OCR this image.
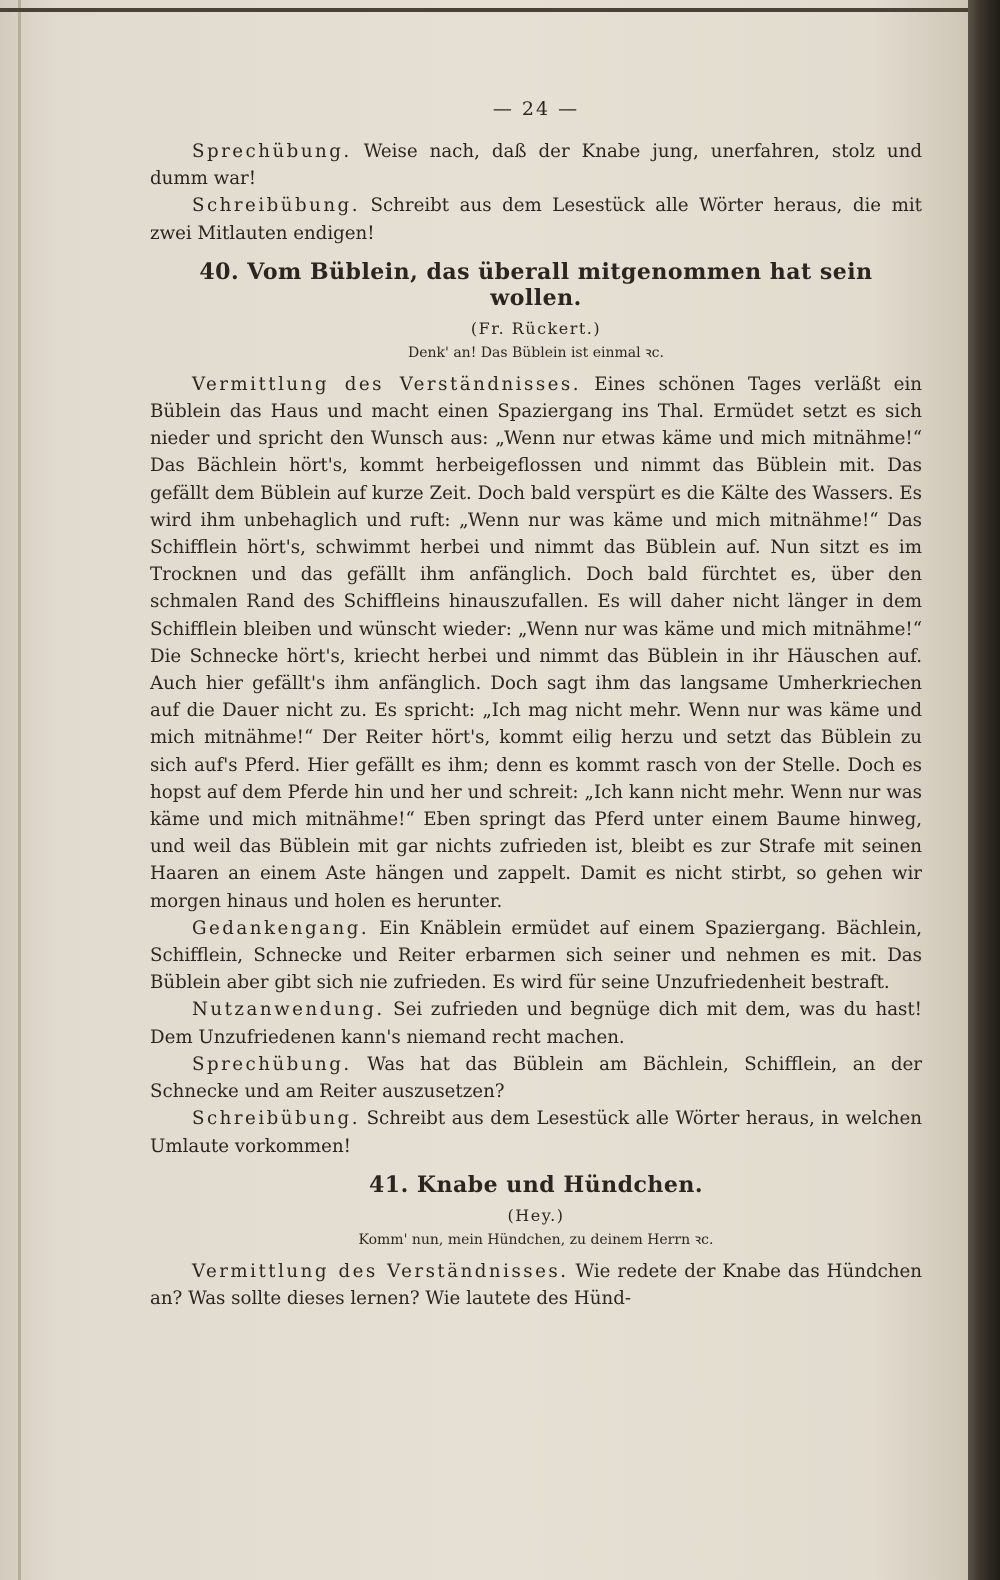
— 24 —

Sprechübung. Weise nach, daß der Knabe jung, unerfahren, stolz und dumm war!

Schreibübung. Schreibt aus dem Lesestück alle Wörter heraus, die mit zwei Mitlauten endigen!

40. Vom Büblein, das überall mitgenommen hat sein wollen.
(Fr. Rückert.)
Denk' an! Das Büblein ist einmal ꝛc.

Vermittlung des Verständnisses. Eines schönen Tages verläßt ein Büblein das Haus und macht einen Spaziergang ins Thal. Ermüdet setzt es sich nieder und spricht den Wunsch aus: „Wenn nur etwas käme und mich mitnähme!“ Das Bächlein hört's, kommt herbeigeflossen und nimmt das Büblein mit. Das gefällt dem Büblein auf kurze Zeit. Doch bald verspürt es die Kälte des Wassers. Es wird ihm unbehaglich und ruft: „Wenn nur was käme und mich mitnähme!“ Das Schifflein hört's, schwimmt herbei und nimmt das Büblein auf. Nun sitzt es im Trocknen und das gefällt ihm anfänglich. Doch bald fürchtet es, über den schmalen Rand des Schiffleins hinauszufallen. Es will daher nicht länger in dem Schifflein bleiben und wünscht wieder: „Wenn nur was käme und mich mitnähme!“ Die Schnecke hört's, kriecht herbei und nimmt das Büblein in ihr Häuschen auf. Auch hier gefällt's ihm anfänglich. Doch sagt ihm das langsame Umherkriechen auf die Dauer nicht zu. Es spricht: „Ich mag nicht mehr. Wenn nur was käme und mich mitnähme!“ Der Reiter hört's, kommt eilig herzu und setzt das Büblein zu sich auf's Pferd. Hier gefällt es ihm; denn es kommt rasch von der Stelle. Doch es hopst auf dem Pferde hin und her und schreit: „Ich kann nicht mehr. Wenn nur was käme und mich mitnähme!“ Eben springt das Pferd unter einem Baume hinweg, und weil das Büblein mit gar nichts zufrieden ist, bleibt es zur Strafe mit seinen Haaren an einem Aste hängen und zappelt. Damit es nicht stirbt, so gehen wir morgen hinaus und holen es herunter.

Gedankengang. Ein Knäblein ermüdet auf einem Spaziergang. Bächlein, Schifflein, Schnecke und Reiter erbarmen sich seiner und nehmen es mit. Das Büblein aber gibt sich nie zufrieden. Es wird für seine Unzufriedenheit bestraft.

Nutzanwendung. Sei zufrieden und begnüge dich mit dem, was du hast! Dem Unzufriedenen kann's niemand recht machen.

Sprechübung. Was hat das Büblein am Bächlein, Schifflein, an der Schnecke und am Reiter auszusetzen?

Schreibübung. Schreibt aus dem Lesestück alle Wörter heraus, in welchen Umlaute vorkommen!

41. Knabe und Hündchen.
(Hey.)
Komm' nun, mein Hündchen, zu deinem Herrn ꝛc.

Vermittlung des Verständnisses. Wie redete der Knabe das Hündchen an? Was sollte dieses lernen? Wie lautete des Hünd-
